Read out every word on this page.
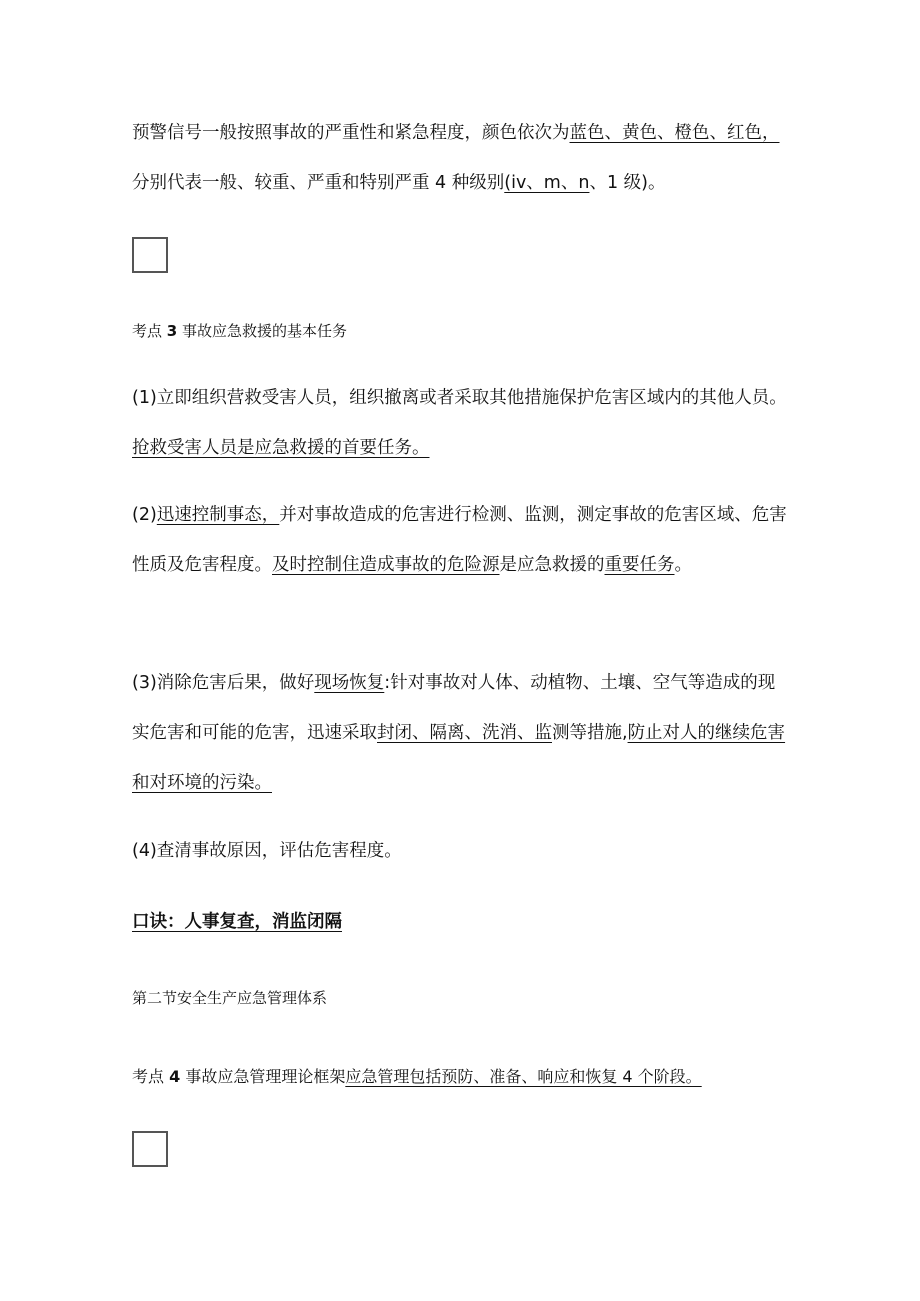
预警信号一般按照事故的严重性和紧急程度，颜色依次为蓝色、黄色、橙色、红色，分别代表一般、较重、严重和特别严重 4 种级别(iv、m、n、1 级)。

考点 3 事故应急救援的基本任务

(1)立即组织营救受害人员，组织撤离或者采取其他措施保护危害区域内的其他人员。抢救受害人员是应急救援的首要任务。

(2)迅速控制事态，并对事故造成的危害进行检测、监测，测定事故的危害区域、危害性质及危害程度。及时控制住造成事故的危险源是应急救援的重要任务。

(3)消除危害后果，做好现场恢复:针对事故对人体、动植物、土壤、空气等造成的现实危害和可能的危害，迅速采取封闭、隔离、洗消、监测等措施,防止对人的继续危害和对环境的污染。

(4)查清事故原因，评估危害程度。

口诀：人事复查，消监闭隔

第二节安全生产应急管理体系

考点 4 事故应急管理理论框架应急管理包括预防、准备、响应和恢复 4 个阶段。
